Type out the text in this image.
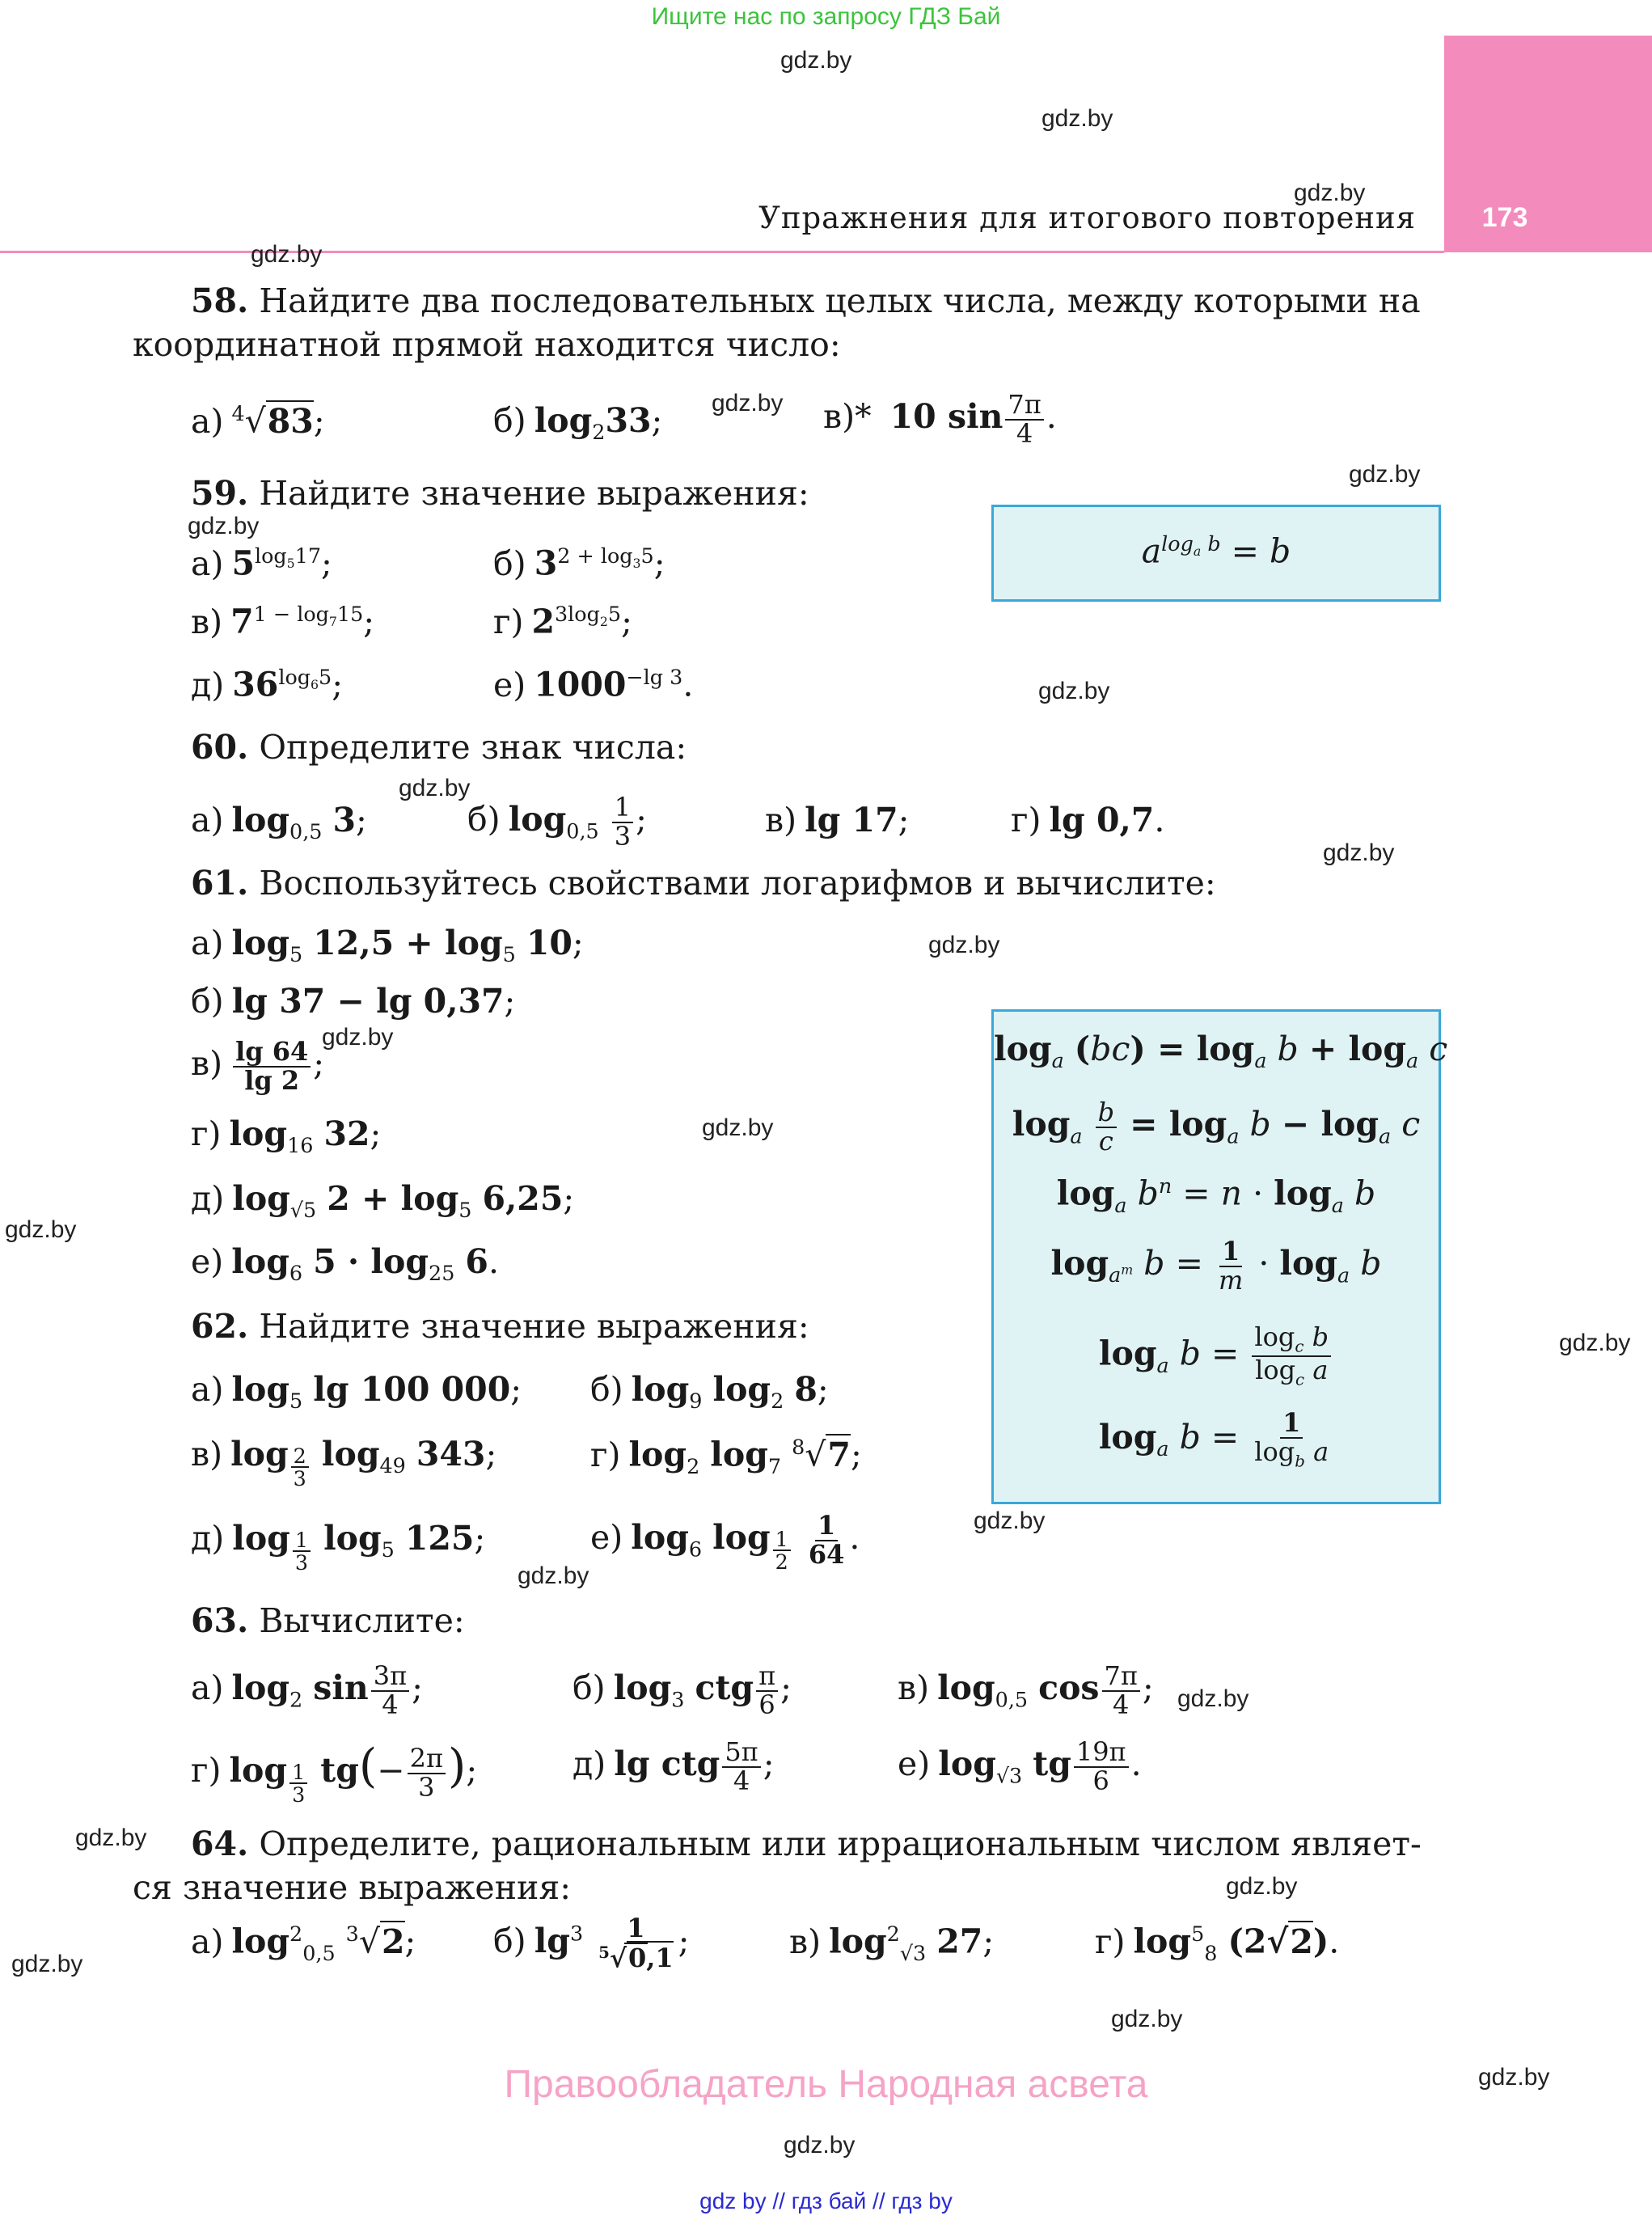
Ищите нас по запросу ГДЗ Бай
173
Упражнения для итогового повторения
gdz.by
gdz.by
gdz.by
gdz.by
gdz.by
gdz.by
gdz.by
gdz.by
gdz.by
gdz.by
gdz.by
gdz.by
gdz.by
gdz.by
gdz.by
gdz.by
gdz.by
gdz.by
gdz.by
gdz.by
gdz.by
gdz.by
gdz.by
gdz.by
58. Найдите два последовательных целых числа, между которыми на
координатной прямой находится число:
а) $^4$√83;	б) $\log_233$;	в)* 10 $\sin \frac{7\pi}{4}$ .
59. Найдите значение выражения:
а) $5^{log_517}$;	б) $3^{2 + log_35}$;
в) $7^{1 - log_715}$;	г) $2^{3log_25}$;
д) $36^{log_65}$;	е) $1000^{-lg 3}$.
$a^{log_a b} = b$
60. Определите знак числа:
а) $\log_{0,5} 3$;	б) $\log_{0,5} \frac{1}{3}$ ;	в) lg 17;	г) lg 0,7.
61. Воспользуйтесь свойствами логарифмов и вычислите:
а) $\log_5 12,5 + \log_5 10$;
б) lg 37 − lg 0,37;
$в) \frac{\lg 64}{\lg 2}$ ;
г) $\log_{16} 32$;
д) $\log_{√5} 2 + \log_5 6,25$;
е) $\log_6 5 \cdot \log_{25} 6$.
$\log_a (bc) = \log_a b + \log_a c$
$\log_a \frac{b}{c} = \log_a b - \log_a c$
$\log_a b^n = n \cdot \log_a b$
$\log_{a^m} b = \frac{1}{m} \cdot \log_a b$
$\log_a b = \frac{\log_c b}{\log_c a}$
$\log_a b = \frac{1}{\log_b a}$
62. Найдите значение выражения:
а) $\log_5 \lg 100$ 000; б) $\log_9 \log_2 8$;
в) log $_{\frac{2}{3}}$ $\log_{49} 343$;	г) $\log_2 \log_7 ^8√7$;
д) log $_{\frac{1}{3}}$ $\log_5 125$;	е) $\log_6 \log _{\frac{1}{2}}$
$\frac{1}{64}$ .
63. Вычислите:
а) $\log_2 \sin \frac{3\pi}{4}$ ;	б) $\log_3$ ctg $\frac{\pi}{6}$ ;	в) $\log_{0,5} \cos \frac{7\pi}{4}$ ;
г) log $_{\frac{1}{3}}$ $tg(- \frac{2\pi}{3}$ );	д) lg ctg $\frac{5\pi}{4}$ ;	е) $\log_{√3}$ tg $\frac{19\pi}{6}$ .
64. Определите, рациональным или иррациональным числом являет-
ся значение выражения:
а) $\log^2_{0,5} ^3√2$; б) $\lg^3 \frac{1}{^5√0,1}$ ;	в) $\log^2_{√3} 27$;	г) $\log^5_8 (2√2)$.
Правообладатель Народная асвета
gdz by // гдз бай // гдз by
